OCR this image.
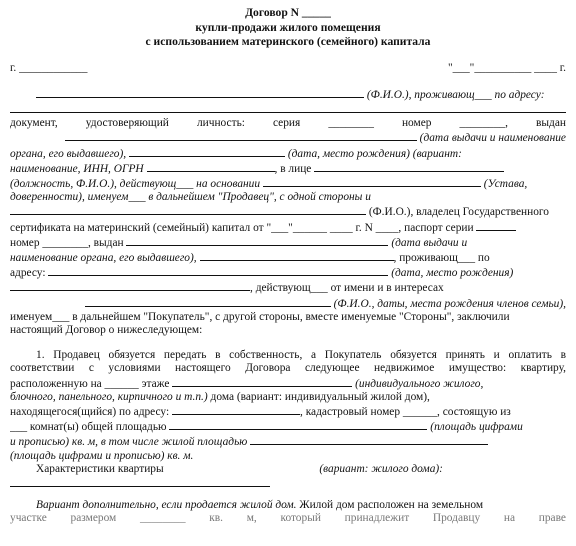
Договор N _____
купли-продажи жилого помещения
с использованием материнского (семейного) капитала
г. ____________	"___"__________ ____ г.
(Ф.И.О.), проживающ___ по адресу:
документ, удостоверяющий личность: серия ________ номер ________, выдан
(дата выдачи и наименование
органа, его выдавшего),	(дата, место рождения) (вариант:
наименование, ИНН, ОГРН	, в лице
(должность, Ф.И.О.), действующ___ на основании	(Устава,
доверенности), именуем___ в дальнейшем "Продавец", с одной стороны и
(Ф.И.О.), владелец Государственного
сертификата на материнский (семейный) капитал от "___"______ ____ г. N ____, паспорт серии
номер ________, выдан	(дата выдачи и
наименование органа, его выдавшего),	, проживающ___ по
адресу:	(дата, место рождения)
, действующ___ от имени и в интересах
(Ф.И.О., даты, места рождения членов семьи),
именуем___ в дальнейшем "Покупатель", с другой стороны, вместе именуемые "Стороны", заключили
настоящий Договор о нижеследующем:
1. Продавец обязуется передать в собственность, а Покупатель обязуется принять и оплатить в
соответствии с условиями настоящего Договора следующее недвижимое имущество: квартиру,
расположенную на ______ этаже	(индивидуального жилого,
блочного, панельного, кирпичного и т.п.) дома (вариант: индивидуальный жилой дом),
находящегося(щийся) по адресу:	, кадастровый номер ______, состоящую из
___ комнат(ы) общей площадью	(площадь цифрами
и прописью) кв. м, в том числе жилой площадью
(площадь цифрами и прописью) кв. м.
Характеристики квартиры	(вариант: жилого дома):
Вариант дополнительно, если продается жилой дом. Жилой дом расположен на земельном
участке размером ________ кв. м, который принадлежит Продавцу на праве
